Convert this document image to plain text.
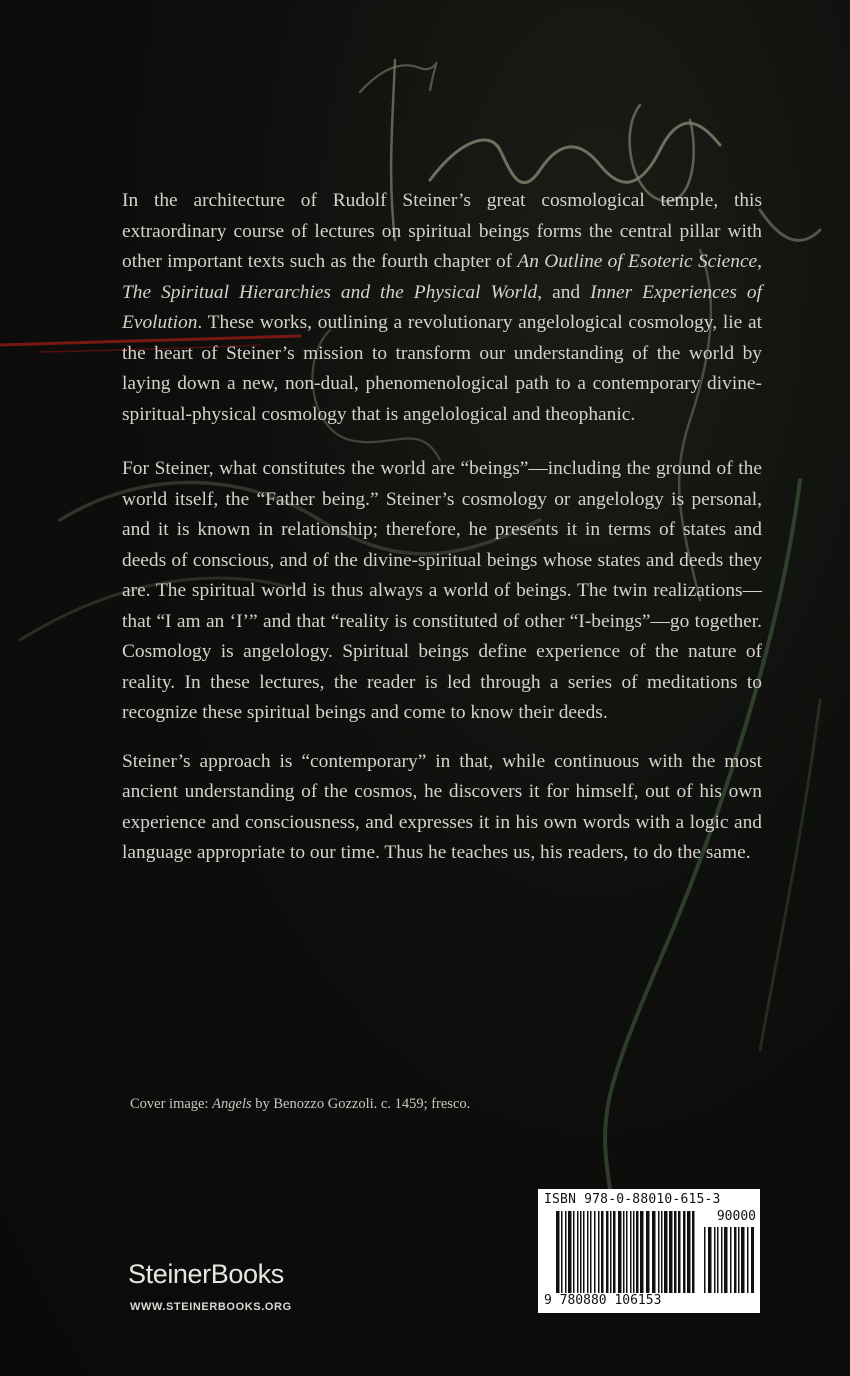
In the architecture of Rudolf Steiner’s great cosmological temple, this extraordinary course of lectures on spiritual beings forms the central pillar with other important texts such as the fourth chapter of An Outline of Esoteric Science, The Spiritual Hierarchies and the Physical World, and Inner Experiences of Evolution. These works, outlining a revolutionary angelological cosmology, lie at the heart of Steiner’s mission to transform our understanding of the world by laying down a new, non-dual, phenomenological path to a contemporary divine-spiritual-physical cosmology that is angelological and theophanic.

For Steiner, what constitutes the world are “beings”—including the ground of the world itself, the “Father being.” Steiner’s cosmology or angelology is personal, and it is known in relationship; therefore, he presents it in terms of states and deeds of conscious, and of the divine-spiritual beings whose states and deeds they are. The spiritual world is thus always a world of beings. The twin realizations—that “I am an ‘I’” and that “reality is constituted of other “I-beings”—go together. Cosmology is angelology. Spiritual beings define experience of the nature of reality. In these lectures, the reader is led through a series of meditations to recognize these spiritual beings and come to know their deeds.

Steiner’s approach is “contemporary” in that, while continuous with the most ancient understanding of the cosmos, he discovers it for himself, out of his own experience and consciousness, and expresses it in his own words with a logic and language appropriate to our time. Thus he teaches us, his readers, to do the same.

Cover image: Angels by Benozzo Gozzoli. c. 1459; fresco.
SteinerBooks
WWW.STEINERBOOKS.ORG
ISBN 978-0-88010-615-3
90000
9 780880 106153
